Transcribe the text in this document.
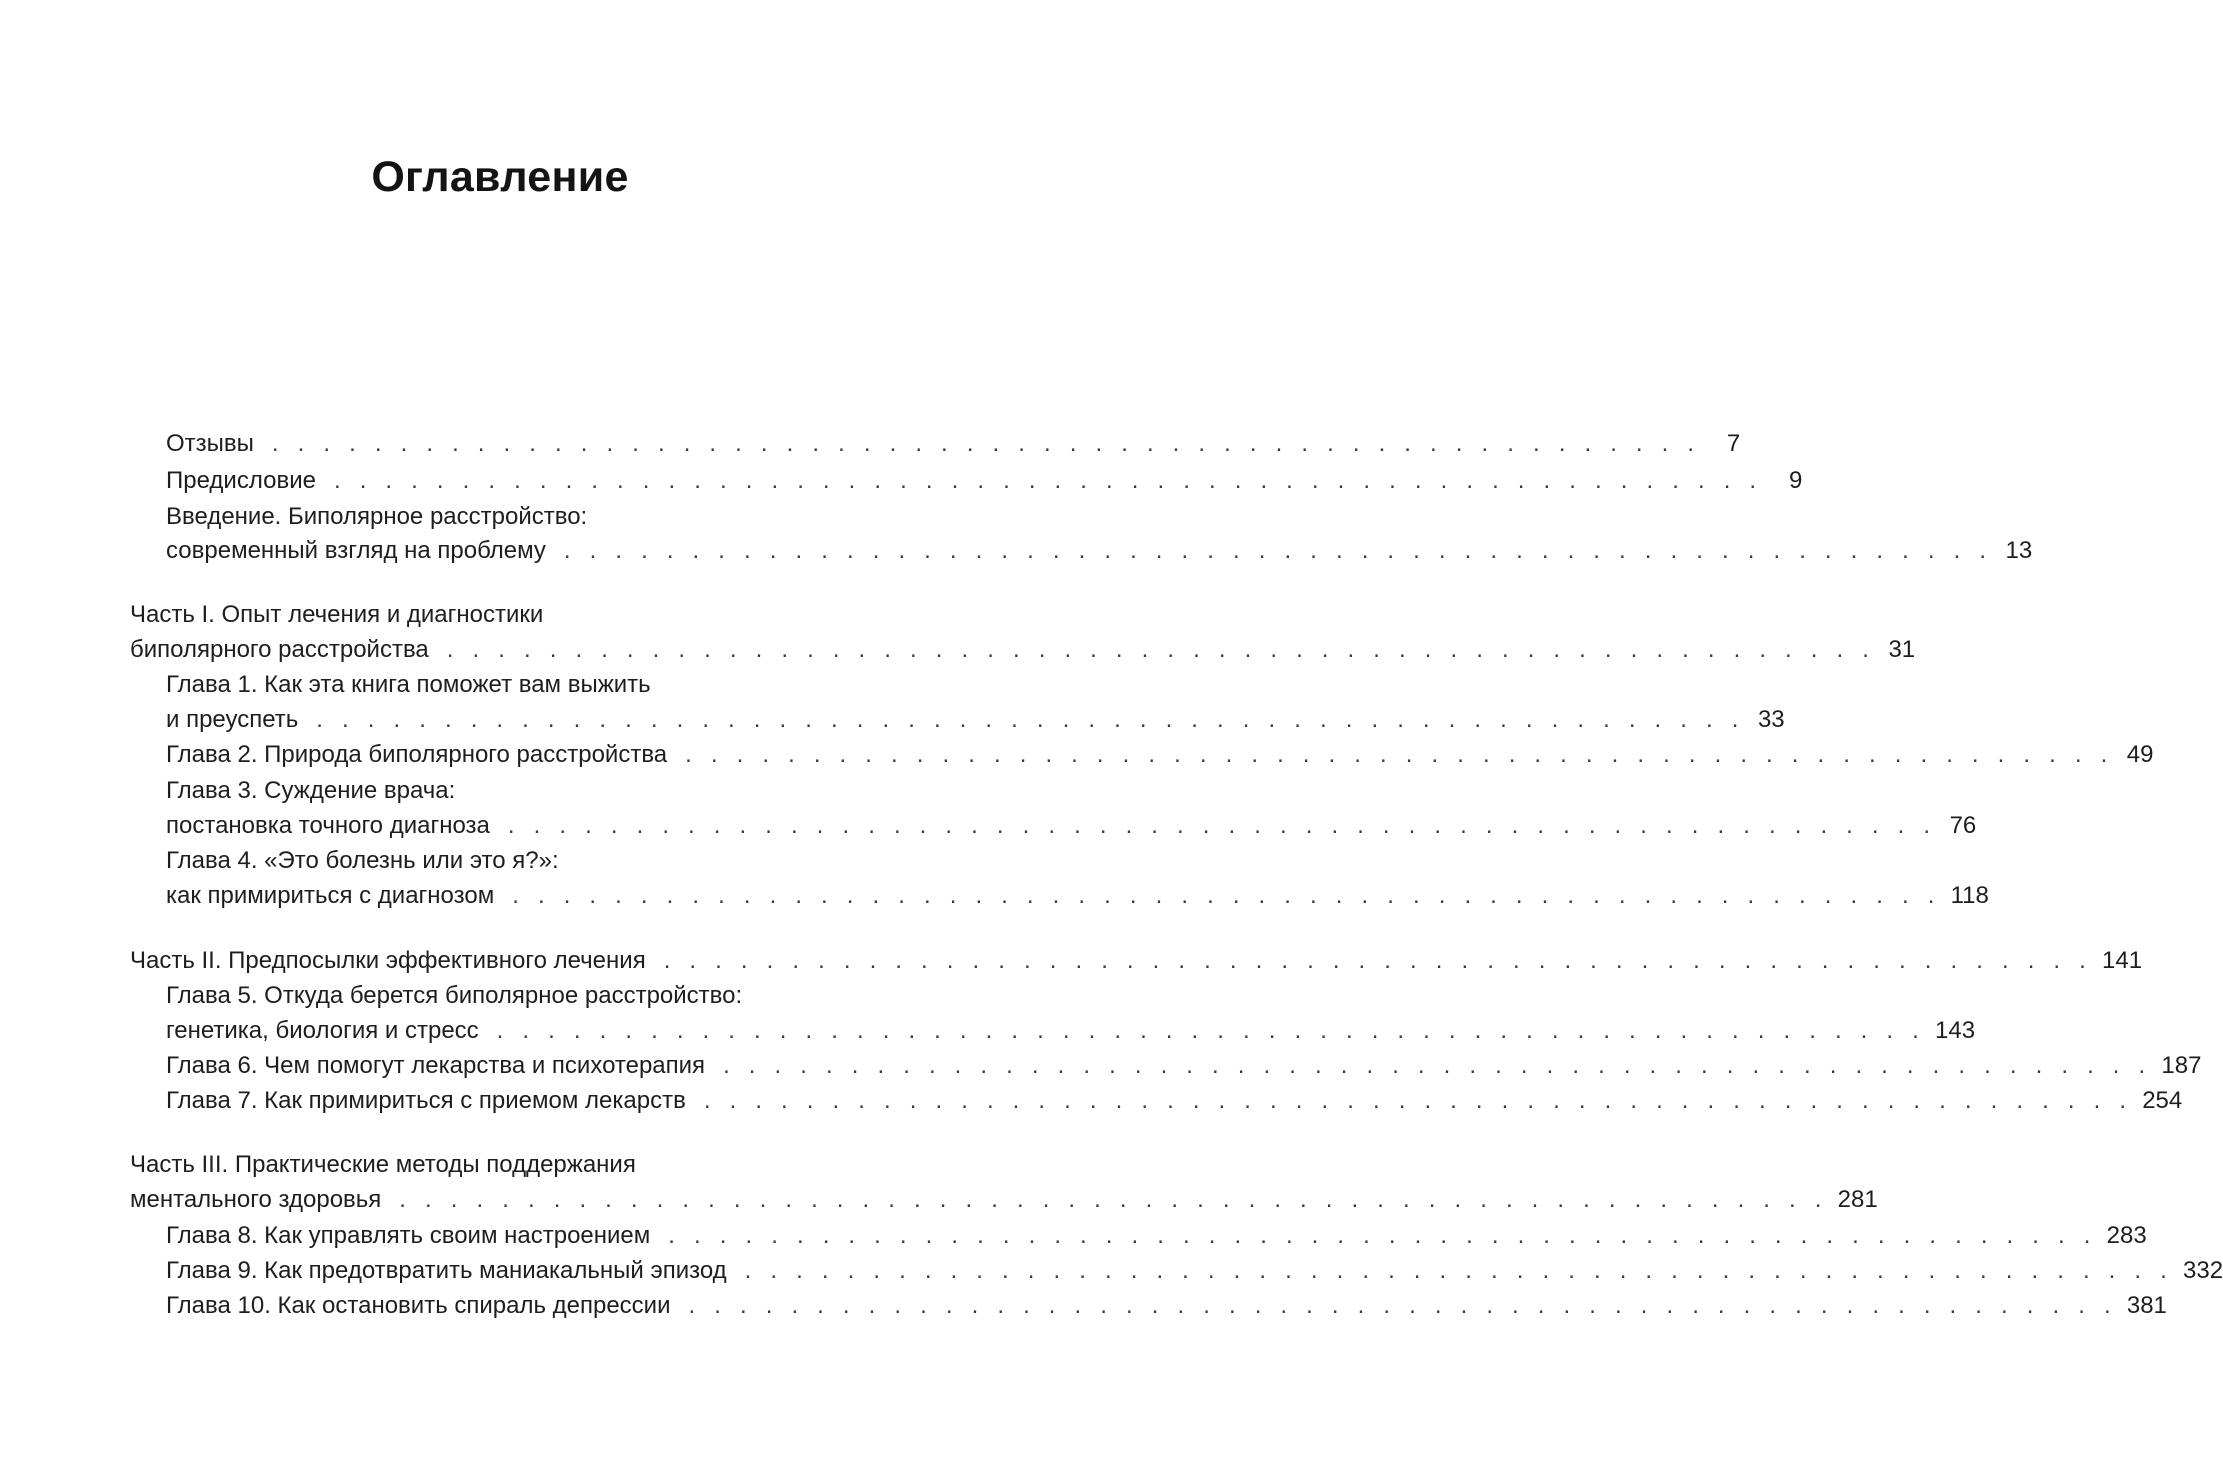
Оглавление
Отзывы . . . . . . . . . . . . . . . . . . . . . . . . . . . . . . . . . . . . . . . . . . . . . . . . . . . . . . . .	7
Предисловие . . . . . . . . . . . . . . . . . . . . . . . . . . . . . . . . . . . . . . . . . . . . . . . . . . . . . . . .	9
Введение. Биполярное расстройство:
современный взгляд на проблему . . . . . . . . . . . . . . . . . . . . . . . . . . . . . . . . . . . . . . . . . . . . . . . . . . . . . . . . 13
Часть I. Опыт лечения и диагностики
биполярного расстройства . . . . . . . . . . . . . . . . . . . . . . . . . . . . . . . . . . . . . . . . . . . . . . . . . . . . . . . . 31
Глава 1. Как эта книга поможет вам выжить
и преуспеть . . . . . . . . . . . . . . . . . . . . . . . . . . . . . . . . . . . . . . . . . . . . . . . . . . . . . . . . 33
Глава 2. Природа биполярного расстройства . . . . . . . . . . . . . . . . . . . . . . . . . . . . . . . . . . . . . . . . . . . . . . . . . . . . . . . . 49
Глава 3. Суждение врача:
постановка точного диагноза . . . . . . . . . . . . . . . . . . . . . . . . . . . . . . . . . . . . . . . . . . . . . . . . . . . . . . . . 76
Глава 4. «Это болезнь или это я?»:
как примириться с диагнозом . . . . . . . . . . . . . . . . . . . . . . . . . . . . . . . . . . . . . . . . . . . . . . . . . . . . . . . . 118
Часть II. Предпосылки эффективного лечения . . . . . . . . . . . . . . . . . . . . . . . . . . . . . . . . . . . . . . . . . . . . . . . . . . . . . . . . 141
Глава 5. Откуда берется биполярное расстройство:
генетика, биология и стресс . . . . . . . . . . . . . . . . . . . . . . . . . . . . . . . . . . . . . . . . . . . . . . . . . . . . . . . . 143
Глава 6. Чем помогут лекарства и психотерапия . . . . . . . . . . . . . . . . . . . . . . . . . . . . . . . . . . . . . . . . . . . . . . . . . . . . . . . . 187
Глава 7. Как примириться с приемом лекарств . . . . . . . . . . . . . . . . . . . . . . . . . . . . . . . . . . . . . . . . . . . . . . . . . . . . . . . . 254
Часть III. Практические методы поддержания
ментального здоровья . . . . . . . . . . . . . . . . . . . . . . . . . . . . . . . . . . . . . . . . . . . . . . . . . . . . . . . . 281
Глава 8. Как управлять своим настроением . . . . . . . . . . . . . . . . . . . . . . . . . . . . . . . . . . . . . . . . . . . . . . . . . . . . . . . . 283
Глава 9. Как предотвратить маниакальный эпизод . . . . . . . . . . . . . . . . . . . . . . . . . . . . . . . . . . . . . . . . . . . . . . . . . . . . . . . . 332
Глава 10. Как остановить спираль депрессии . . . . . . . . . . . . . . . . . . . . . . . . . . . . . . . . . . . . . . . . . . . . . . . . . . . . . . . . 381
